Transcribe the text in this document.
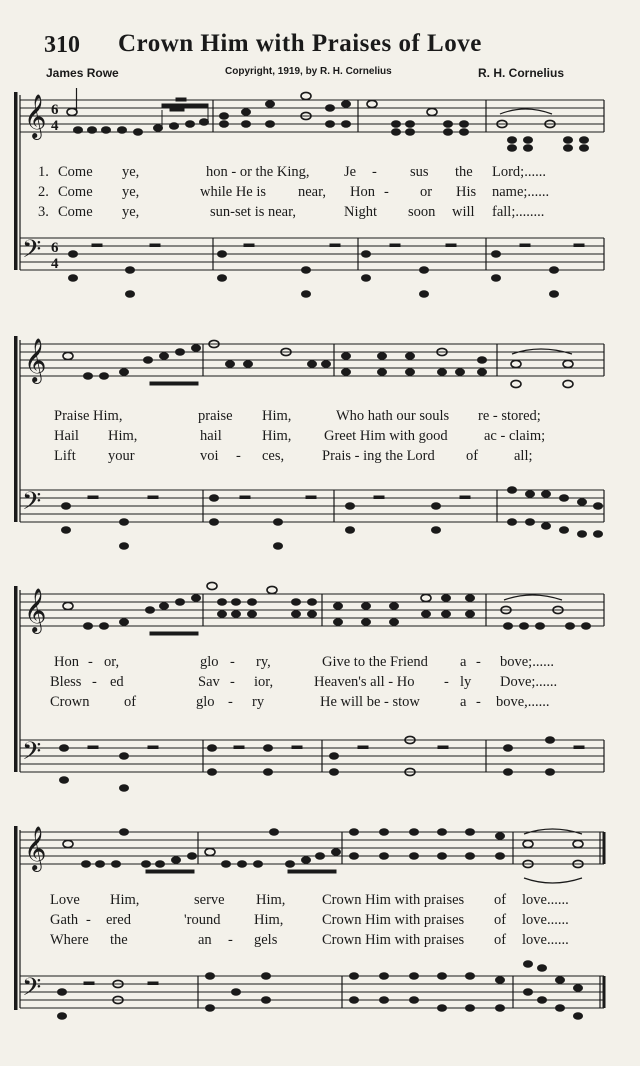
310 Crown Him with Praises of Love
James Rowe	Copyright, 1919, by R. H. Cornelius	R. H. Cornelius
𝄞
𝄢
6
4
6
4
1. Come ye,	hon - or the King, Je - sus the Lord;......
2. Come ye,	while He is near, Hon - or His name;......
3. Come ye,	sun-set is near,	Night soon will fall;........
𝄞
𝄢
Praise Him,	praise Him,	Who hath our souls re - stored;
Hail Him,	hail	Him, Greet Him with good	ac - claim;
Lift your	voi - ces,	Prais - ing the Lord of all;
𝄞
𝄢
Hon - or,	glo - ry,	Give to the Friend a - bove;......
Bless - ed	Sav - ior,	Heaven's all - Ho - ly Dove;......
Crown of	glo - ry	He will be - stow	a - bove,......
𝄞
𝄢
Love Him,	serve Him,	Crown Him with praises of love......
Gath - ered	'round Him,	Crown Him with praises of love......
Where the	an - gels	Crown Him with praises of love......
